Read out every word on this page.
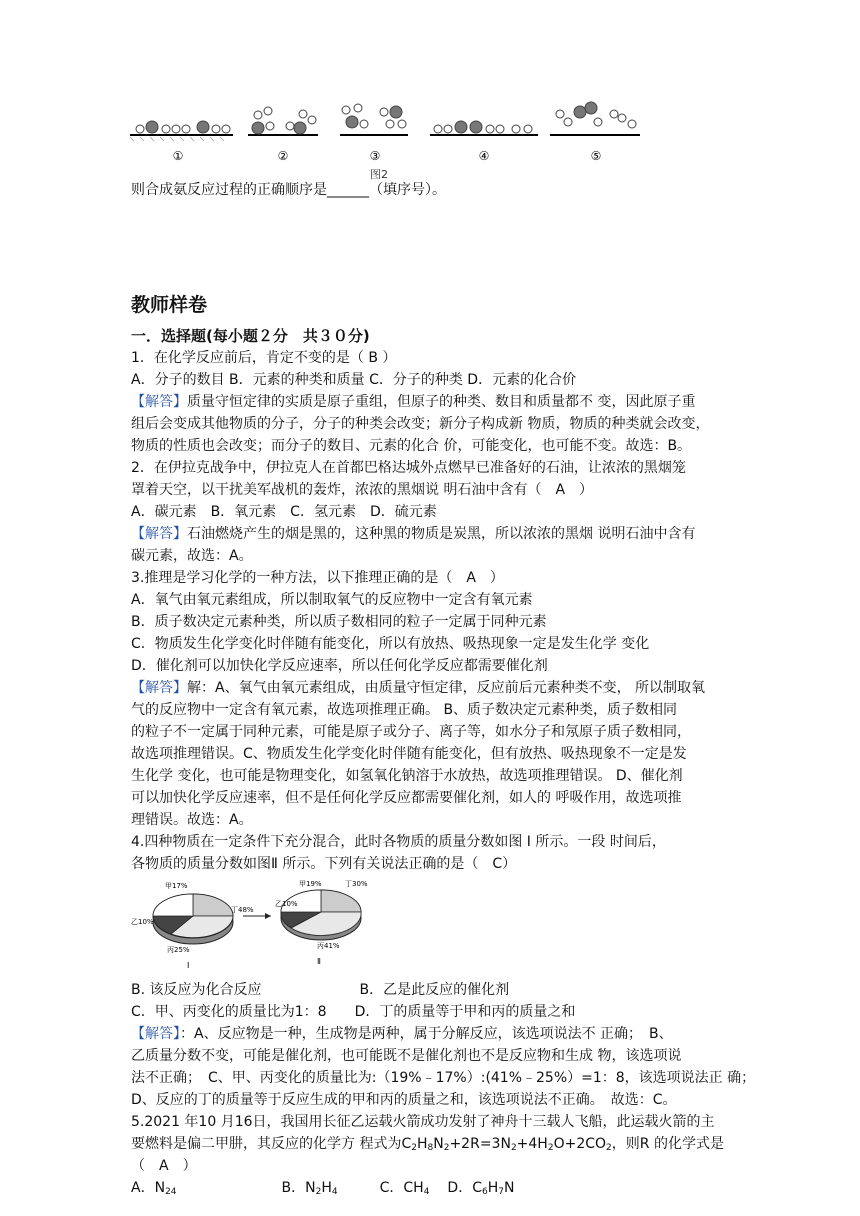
①	②	③	④	⑤
图2
则合成氨反应过程的正确顺序是______（填序号）。
教师样卷
一．选择题(每小题２分　共３０分)
1．在化学反应前后，肯定不变的是（ B ）
A．分子的数目 B．元素的种类和质量 C．分子的种类 D．元素的化合价
【解答】质量守恒定律的实质是原子重组，但原子的种类、数目和质量都不 变，因此原子重
组后会变成其他物质的分子，分子的种类会改变；新分子构成新 物质，物质的种类就会改变，
物质的性质也会改变；而分子的数目、元素的化合 价，可能变化，也可能不变。故选：B。
2．在伊拉克战争中，伊拉克人在首都巴格达城外点燃早已准备好的石油，让浓浓的黑烟笼
罩着天空，以干扰美军战机的轰炸，浓浓的黑烟说 明石油中含有（　A　）
A．碳元素　B．氧元素　C．氢元素　D．硫元素
【解答】石油燃烧产生的烟是黑的，这种黑的物质是炭黑，所以浓浓的黑烟 说明石油中含有
碳元素，故选：A。
3.推理是学习化学的一种方法，以下推理正确的是（　A　）
A．氧气由氧元素组成，所以制取氧气的反应物中一定含有氧元素
B．质子数决定元素种类，所以质子数相同的粒子一定属于同种元素
C．物质发生化学变化时伴随有能变化，所以有放热、吸热现象一定是发生化学 变化
D．催化剂可以加快化学反应速率，所以任何化学反应都需要催化剂
【解答】解：A、氧气由氧元素组成，由质量守恒定律，反应前后元素种类不变， 所以制取氧
气的反应物中一定含有氧元素，故选项推理正确。 B、质子数决定元素种类，质子数相同
的粒子不一定属于同种元素，可能是原子或分子、离子等，如水分子和氖原子质子数相同，
故选项推理错误。C、物质发生化学变化时伴随有能变化，但有放热、吸热现象不一定是发
生化学 变化，也可能是物理变化，如氢氧化钠溶于水放热，故选项推理错误。 D、催化剂
可以加快化学反应速率，但不是任何化学反应都需要催化剂，如人的 呼吸作用，故选项推
理错误。故选：A。
4.四种物质在一定条件下充分混合，此时各物质的质量分数如图 Ⅰ 所示。一段 时间后，
各物质的质量分数如图Ⅱ 所示。下列有关说法正确的是（　C）
甲17%
乙10%
丁48%
丙25%
Ⅰ
甲19%	丁30%
乙10%
丙41%
Ⅱ
B. 该反应为化合反应　　　　　　　B．乙是此反应的催化剂
C．甲、丙变化的质量比为1：8　　D．丁的质量等于甲和丙的质量之和
【解答】：A、反应物是一种，生成物是两种，属于分解反应，该选项说法不 正确；　B、
乙质量分数不变，可能是催化剂，也可能既不是催化剂也不是反应物和生成 物，该选项说
法不正确；　C、甲、丙变化的质量比为:（19%﹣17%）:(41%﹣25%）=1：8，该选项说法正 确；
D、反应的丁的质量等于反应生成的甲和丙的质量之和，该选项说法不正确。　故选：C。
5.2021 年10 月16日，我国用长征乙运载火箭成功发射了神舟十三载人飞船，此运载火箭的主
要燃料是偏二甲肼，其反应的化学方 程式为$C_2H_8N_2+2R=3N_2+4H_2O+2CO_2$，则R 的化学式是
（　A　）
A．$N_{24}$	B．$N_2H_4$	C．$CH_4$ D．$C_6H_7N$
